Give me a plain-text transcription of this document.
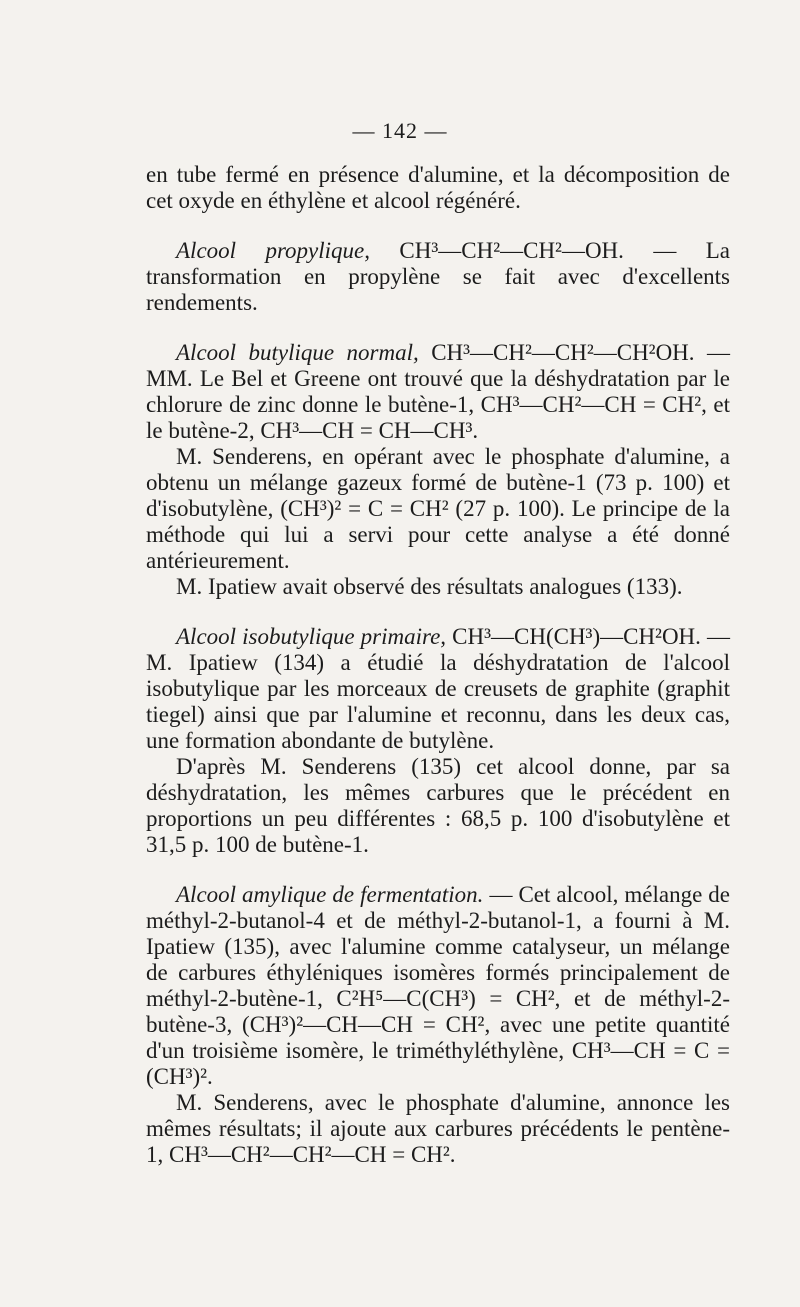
— 142 —

en tube fermé en présence d'alumine, et la décomposition de cet oxyde en éthylène et alcool régénéré.

Alcool propylique, CH³—CH²—CH²—OH. — La transformation en propylène se fait avec d'excellents rendements.

Alcool butylique normal, CH³—CH²—CH²—CH²OH. — MM. Le Bel et Greene ont trouvé que la déshydratation par le chlorure de zinc donne le butène-1, CH³—CH²—CH = CH², et le butène-2, CH³—CH = CH—CH³.

M. Senderens, en opérant avec le phosphate d'alumine, a obtenu un mélange gazeux formé de butène-1 (73 p. 100) et d'isobutylène, (CH³)² = C = CH² (27 p. 100). Le principe de la méthode qui lui a servi pour cette analyse a été donné antérieurement.

M. Ipatiew avait observé des résultats analogues (133).

Alcool isobutylique primaire, CH³—CH(CH³)—CH²OH. — M. Ipatiew (134) a étudié la déshydratation de l'alcool isobutylique par les morceaux de creusets de graphite (graphit tiegel) ainsi que par l'alumine et reconnu, dans les deux cas, une formation abondante de butylène.

D'après M. Senderens (135) cet alcool donne, par sa déshydratation, les mêmes carbures que le précédent en proportions un peu différentes : 68,5 p. 100 d'isobutylène et 31,5 p. 100 de butène-1.

Alcool amylique de fermentation. — Cet alcool, mélange de méthyl-2-butanol-4 et de méthyl-2-butanol-1, a fourni à M. Ipatiew (135), avec l'alumine comme catalyseur, un mélange de carbures éthyléniques isomères formés principalement de méthyl-2-butène-1, C²H⁵—C(CH³) = CH², et de méthyl-2-butène-3, (CH³)²—CH—CH = CH², avec une petite quantité d'un troisième isomère, le triméthyléthylène, CH³—CH = C = (CH³)².

M. Senderens, avec le phosphate d'alumine, annonce les mêmes résultats; il ajoute aux carbures précédents le pentène-1, CH³—CH²—CH²—CH = CH².
